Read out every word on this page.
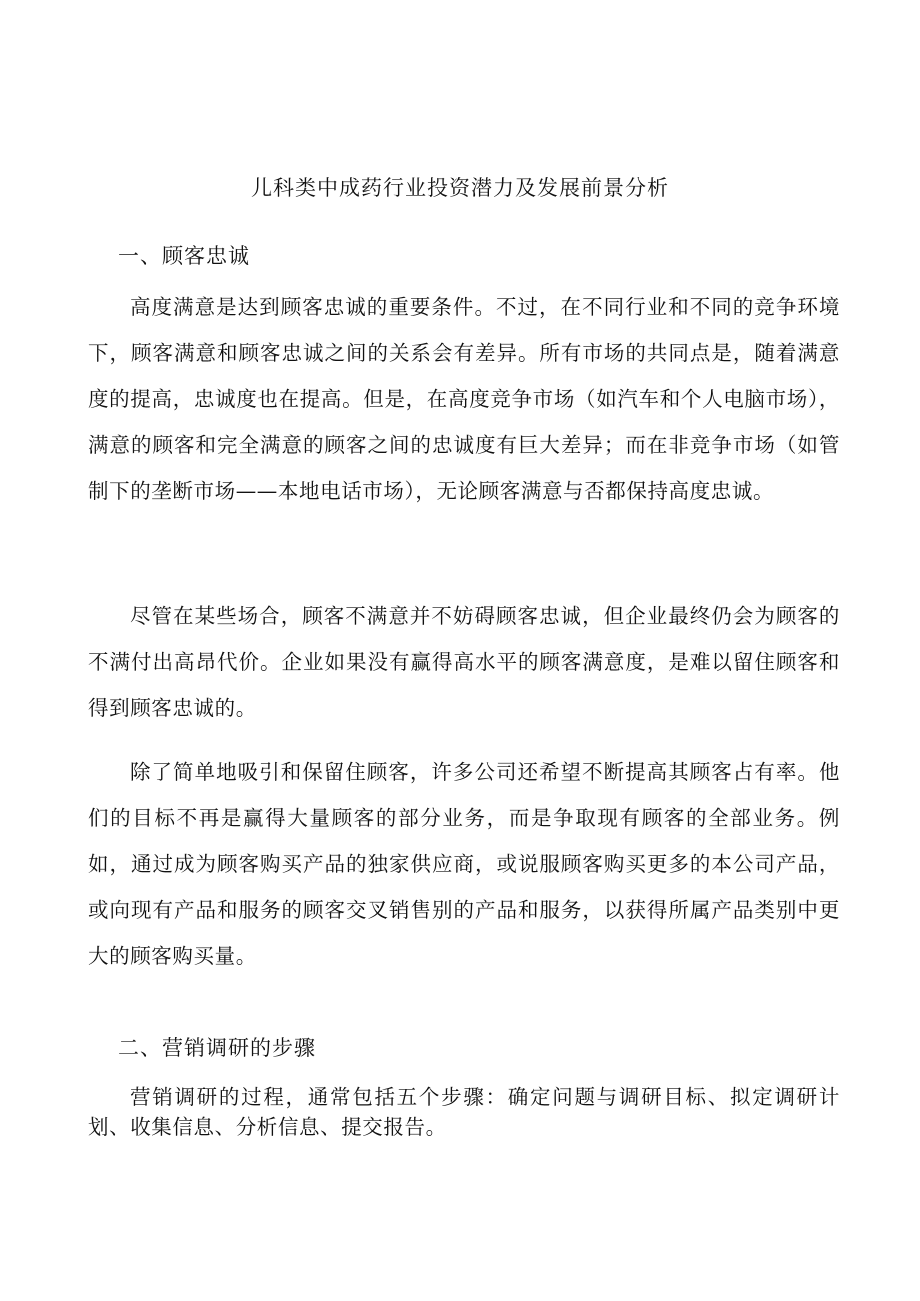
儿科类中成药行业投资潜力及发展前景分析
一、顾客忠诚

高度满意是达到顾客忠诚的重要条件。不过，在不同行业和不同的竞争环境下，顾客满意和顾客忠诚之间的关系会有差异。所有市场的共同点是，随着满意度的提高，忠诚度也在提高。但是，在高度竞争市场（如汽车和个人电脑市场），满意的顾客和完全满意的顾客之间的忠诚度有巨大差异；而在非竞争市场（如管制下的垄断市场——本地电话市场），无论顾客满意与否都保持高度忠诚。

尽管在某些场合，顾客不满意并不妨碍顾客忠诚，但企业最终仍会为顾客的不满付出高昂代价。企业如果没有赢得高水平的顾客满意度，是难以留住顾客和得到顾客忠诚的。

除了简单地吸引和保留住顾客，许多公司还希望不断提高其顾客占有率。他们的目标不再是赢得大量顾客的部分业务，而是争取现有顾客的全部业务。例如，通过成为顾客购买产品的独家供应商，或说服顾客购买更多的本公司产品，或向现有产品和服务的顾客交叉销售别的产品和服务，以获得所属产品类别中更大的顾客购买量。

二、营销调研的步骤

营销调研的过程，通常包括五个步骤：确定问题与调研目标、拟定调研计划、收集信息、分析信息、提交报告。
